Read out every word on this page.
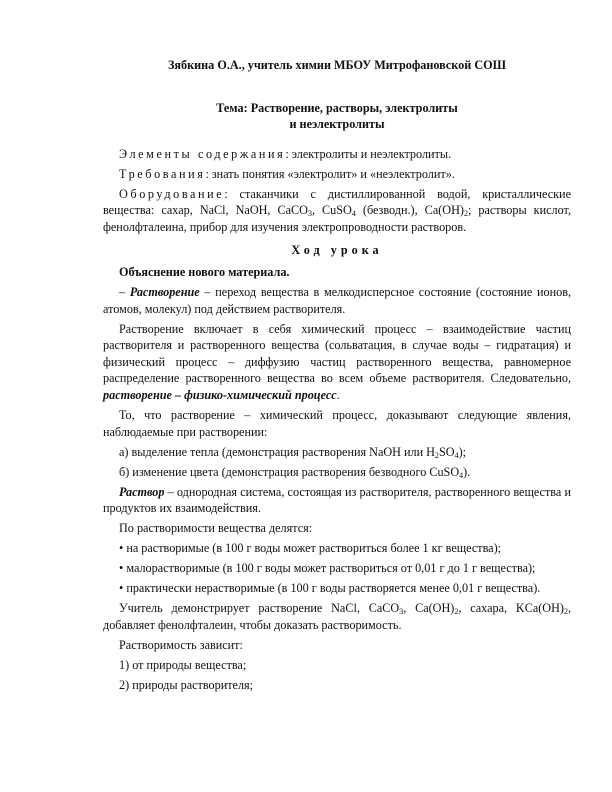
Зябкина О.А., учитель химии МБОУ Митрофановской СОШ

Тема: Растворение, растворы, электролиты

и неэлектролиты

Элементы содержания: электролиты и неэлектролиты.

Требования: знать понятия «электролит» и «неэлектролит».

Оборудование: стаканчики с дистиллированной водой, кристаллические вещества: сахар, NaCl, NaOH, CaCO$_3$, CuSO$_4$ (безводн.), $Ca(OH)_2$; растворы кислот, фенолфталеина, прибор для изучения электропроводности растворов.

Ход урока

Объяснение нового материала.

– Растворение – переход вещества в мелкодисперсное состояние (состояние ионов, атомов, молекул) под действием растворителя.

Растворение включает в себя химический процесс – взаимодействие частиц растворителя и растворенного вещества (сольватация, в случае воды – гидратация) и физический процесс – диффузию частиц растворенного вещества, равномерное распределение растворенного вещества во всем объеме растворителя. Следовательно, растворение – физико-химический процесс.

То, что растворение – химический процесс, доказывают следующие явления, наблюдаемые при растворении:

а) выделение тепла (демонстрация растворения NaOH или $H_2SO_4$);

б) изменение цвета (демонстрация растворения безводного CuSO$_4$).

Раствор – однородная система, состоящая из растворителя, растворенного вещества и продуктов их взаимодействия.

По растворимости вещества делятся:

• на растворимые (в 100 г воды может раствориться более 1 кг вещества);

• малорастворимые (в 100 г воды может раствориться от 0,01 г до 1 г вещества);

• практически нерастворимые (в 100 г воды растворяется менее 0,01 г вещества).

Учитель демонстрирует растворение NaCl, CaCO$_3$, $Ca(OH)_2$, сахара, $KCa(OH)_2$, добавляет фенолфталеин, чтобы доказать растворимость.

Растворимость зависит:

1) от природы вещества;

2) природы растворителя;
